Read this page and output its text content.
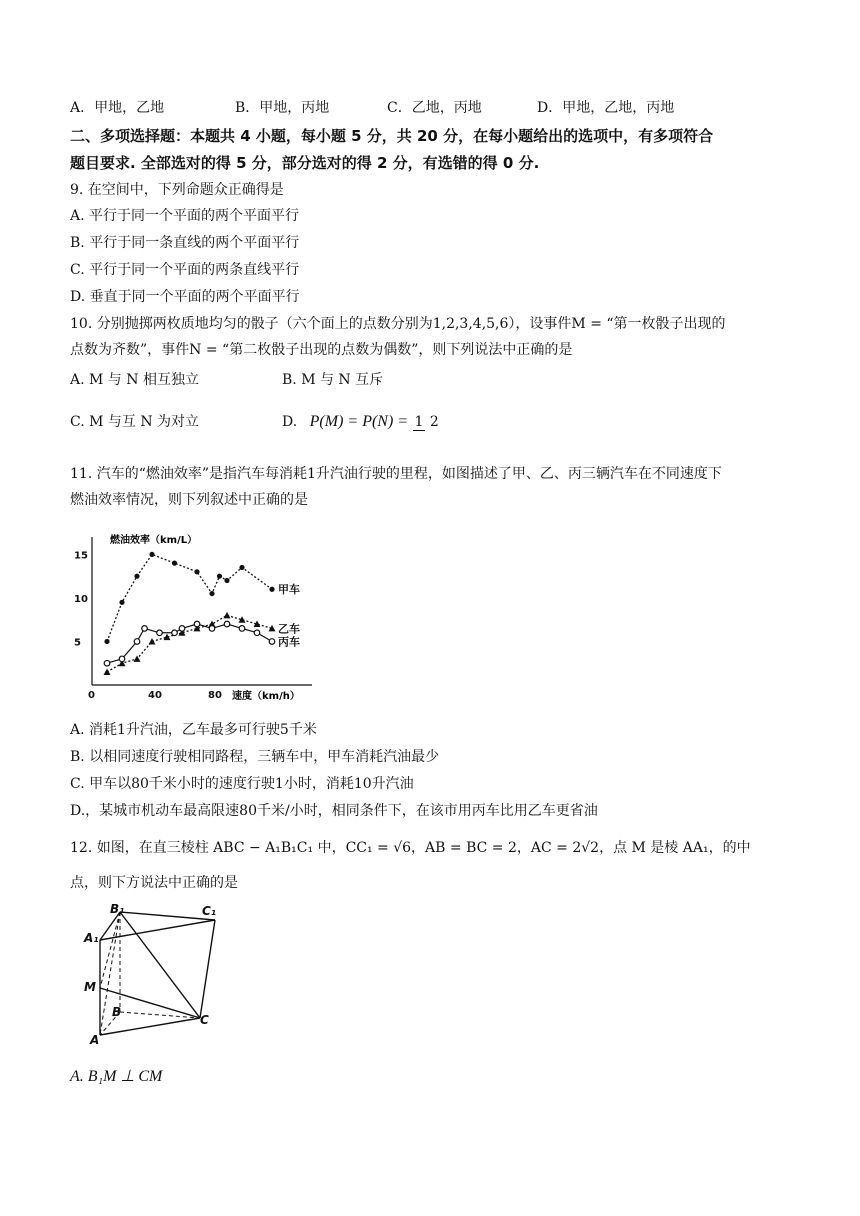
A．甲地，乙地	B．甲地，丙地	C．乙地，丙地	D．甲地，乙地，丙地
二、多项选择题：本题共 4 小题，每小题 5 分，共 20 分，在每小题给出的选项中，有多项符合
题目要求. 全部选对的得 5 分，部分选对的得 2 分，有选错的得 0 分.
9. 在空间中，下列命题众正确得是
A. 平行于同一个平面的两个平面平行
B. 平行于同一条直线的两个平面平行
C. 平行于同一个平面的两条直线平行
D. 垂直于同一个平面的两个平面平行
10. 分别抛掷两枚质地均匀的骰子（六个面上的点数分别为1,2,3,4,5,6），设事件M = “第一枚骰子出现的
点数为齐数”，事件N = “第二枚骰子出现的点数为偶数”，则下列说法中正确的是
A. M 与 N 相互独立	B. M 与 N 互斥
C. M 与互 N 为对立	D. P(M) = P(N) = 1 2
11. 汽车的“燃油效率”是指汽车每消耗1升汽油行驶的里程，如图描述了甲、乙、丙三辆汽车在不同速度下
燃油效率情况，则下列叙述中正确的是
燃油效率（km/L）
速度（km/h）
0	40	80
5
10
15
甲车
乙车
丙车
A. 消耗1升汽油，乙车最多可行驶5千米
B. 以相同速度行驶相同路程，三辆车中，甲车消耗汽油最少
C. 甲车以80千米小时的速度行驶1小时，消耗10升汽油
D.，某城市机动车最高限速80千米/小时，相同条件下，在该市用丙车比用乙车更省油
12. 如图，在直三棱柱 ABC − A₁B₁C₁ 中，CC₁ = √6，AB = BC = 2，AC = 2√2，点 M 是棱 AA₁，的中
点，则下方说法中正确的是
B₁	C₁
A₁
M
B
C
A
A. B₁M ⊥ CM
